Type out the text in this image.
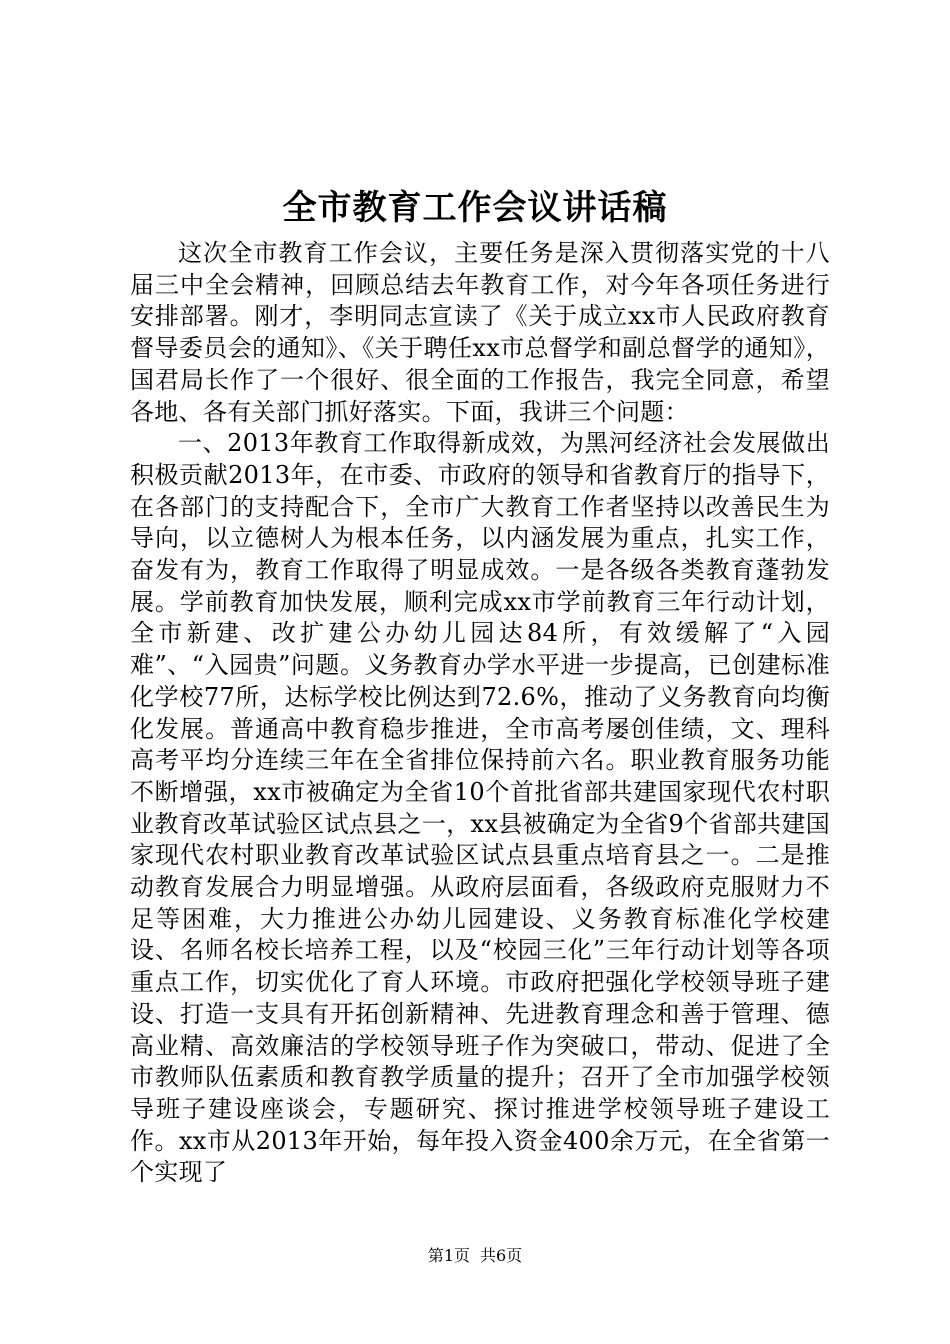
全市教育工作会议讲话稿

这次全市教育工作会议，主要任务是深入贯彻落实党的十八届三中全会精神，回顾总结去年教育工作，对今年各项任务进行安排部署。刚才，李明同志宣读了《关于成立xx市人民政府教育督导委员会的通知》、《关于聘任xx市总督学和副总督学的通知》，国君局长作了一个很好、很全面的工作报告，我完全同意，希望各地、各有关部门抓好落实。下面，我讲三个问题：

一、2013年教育工作取得新成效，为黑河经济社会发展做出积极贡献2013年，在市委、市政府的领导和省教育厅的指导下，在各部门的支持配合下，全市广大教育工作者坚持以改善民生为导向，以立德树人为根本任务，以内涵发展为重点，扎实工作，奋发有为，教育工作取得了明显成效。一是各级各类教育蓬勃发展。学前教育加快发展，顺利完成xx市学前教育三年行动计划，全市新建、改扩建公办幼儿园达84所，有效缓解了“入园难”、“入园贵”问题。义务教育办学水平进一步提高，已创建标准化学校77所，达标学校比例达到72.6%，推动了义务教育向均衡化发展。普通高中教育稳步推进，全市高考屡创佳绩，文、理科高考平均分连续三年在全省排位保持前六名。职业教育服务功能不断增强，xx市被确定为全省10个首批省部共建国家现代农村职业教育改革试验区试点县之一，xx县被确定为全省9个省部共建国家现代农村职业教育改革试验区试点县重点培育县之一。二是推动教育发展合力明显增强。从政府层面看，各级政府克服财力不足等困难，大力推进公办幼儿园建设、义务教育标准化学校建设、名师名校长培养工程，以及“校园三化”三年行动计划等各项重点工作，切实优化了育人环境。市政府把强化学校领导班子建设、打造一支具有开拓创新精神、先进教育理念和善于管理、德高业精、高效廉洁的学校领导班子作为突破口，带动、促进了全市教师队伍素质和教育教学质量的提升；召开了全市加强学校领导班子建设座谈会，专题研究、探讨推进学校领导班子建设工作。xx市从2013年开始，每年投入资金400余万元，在全省第一个实现了

第1页 共6页
